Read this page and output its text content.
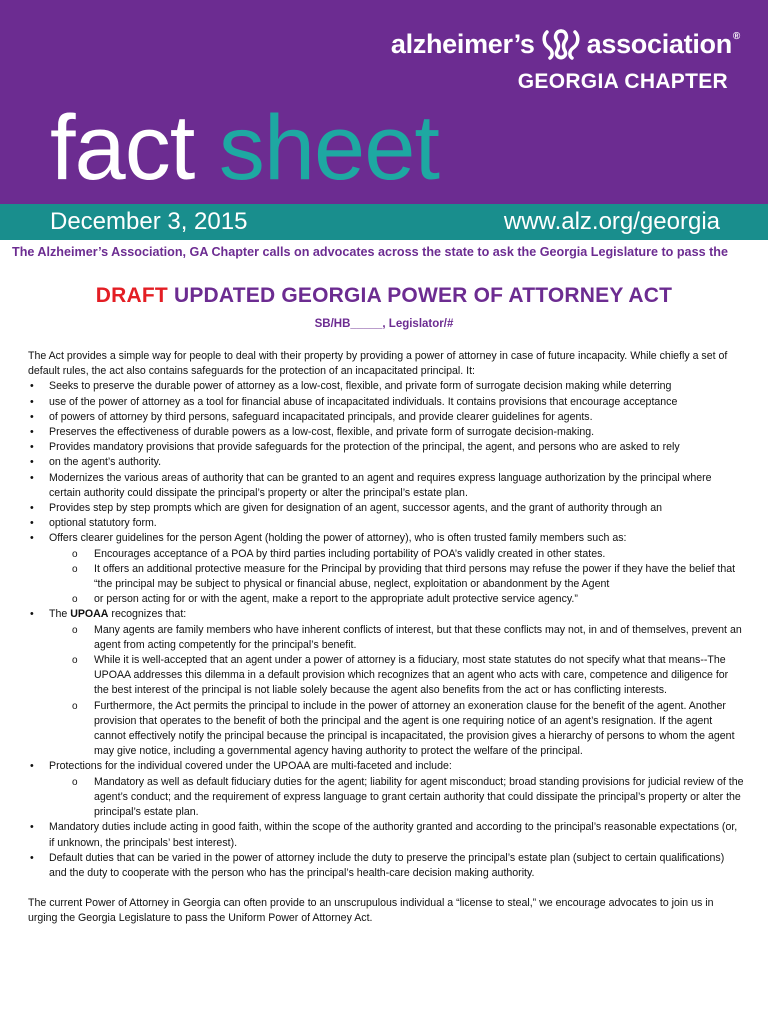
alzheimer’s association ®
GEORGIA CHAPTER
fact sheet
December 3, 2015	www.alz.org/georgia
The Alzheimer’s Association, GA Chapter calls on advocates across the state to ask the Georgia Legislature to pass the
DRAFT UPDATED GEORGIA POWER OF ATTORNEY ACT
SB/HB_____, Legislator/#

The Act provides a simple way for people to deal with their property by providing a power of attorney in case of future incapacity. While chiefly a set of default rules, the act also contains safeguards for the protection of an incapacitated principal. It:

• Seeks to preserve the durable power of attorney as a low-cost, flexible, and private form of surrogate decision making while deterring
• use of the power of attorney as a tool for financial abuse of incapacitated individuals. It contains provisions that encourage acceptance
• of powers of attorney by third persons, safeguard incapacitated principals, and provide clearer guidelines for agents.
• Preserves the effectiveness of durable powers as a low-cost, flexible, and private form of surrogate decision-making.
• Provides mandatory provisions that provide safeguards for the protection of the principal, the agent, and persons who are asked to rely
• on the agent’s authority.
• Modernizes the various areas of authority that can be granted to an agent and requires express language authorization by the principal where certain authority could dissipate the principal’s property or alter the principal’s estate plan.
• Provides step by step prompts which are given for designation of an agent, successor agents, and the grant of authority through an
• optional statutory form.
• Offers clearer guidelines for the person Agent (holding the power of attorney), who is often trusted family members such as:
o Encourages acceptance of a POA by third parties including portability of POA’s validly created in other states.
o It offers an additional protective measure for the Principal by providing that third persons may refuse the power if they have the belief that “the principal may be subject to physical or financial abuse, neglect, exploitation or abandonment by the Agent
o or person acting for or with the agent, make a report to the appropriate adult protective service agency.”
• The UPOAA recognizes that:
o Many agents are family members who have inherent conflicts of interest, but that these conflicts may not, in and of themselves, prevent an agent from acting competently for the principal’s benefit.
o While it is well-accepted that an agent under a power of attorney is a fiduciary, most state statutes do not specify what that means--The UPOAA addresses this dilemma in a default provision which recognizes that an agent who acts with care, competence and diligence for the best interest of the principal is not liable solely because the agent also benefits from the act or has conflicting interests.
o Furthermore, the Act permits the principal to include in the power of attorney an exoneration clause for the benefit of the agent. Another provision that operates to the benefit of both the principal and the agent is one requiring notice of an agent’s resignation. If the agent cannot effectively notify the principal because the principal is incapacitated, the provision gives a hierarchy of persons to whom the agent may give notice, including a governmental agency having authority to protect the welfare of the principal.
• Protections for the individual covered under the UPOAA are multi-faceted and include:
o Mandatory as well as default fiduciary duties for the agent; liability for agent misconduct; broad standing provisions for judicial review of the agent’s conduct; and the requirement of express language to grant certain authority that could dissipate the principal’s property or alter the principal’s estate plan.
• Mandatory duties include acting in good faith, within the scope of the authority granted and according to the principal’s reasonable expectations (or, if unknown, the principals’ best interest).
• Default duties that can be varied in the power of attorney include the duty to preserve the principal’s estate plan (subject to certain qualifications) and the duty to cooperate with the person who has the principal’s health-care decision making authority.

The current Power of Attorney in Georgia can often provide to an unscrupulous individual a “license to steal,” we encourage advocates to join us in urging the Georgia Legislature to pass the Uniform Power of Attorney Act.
